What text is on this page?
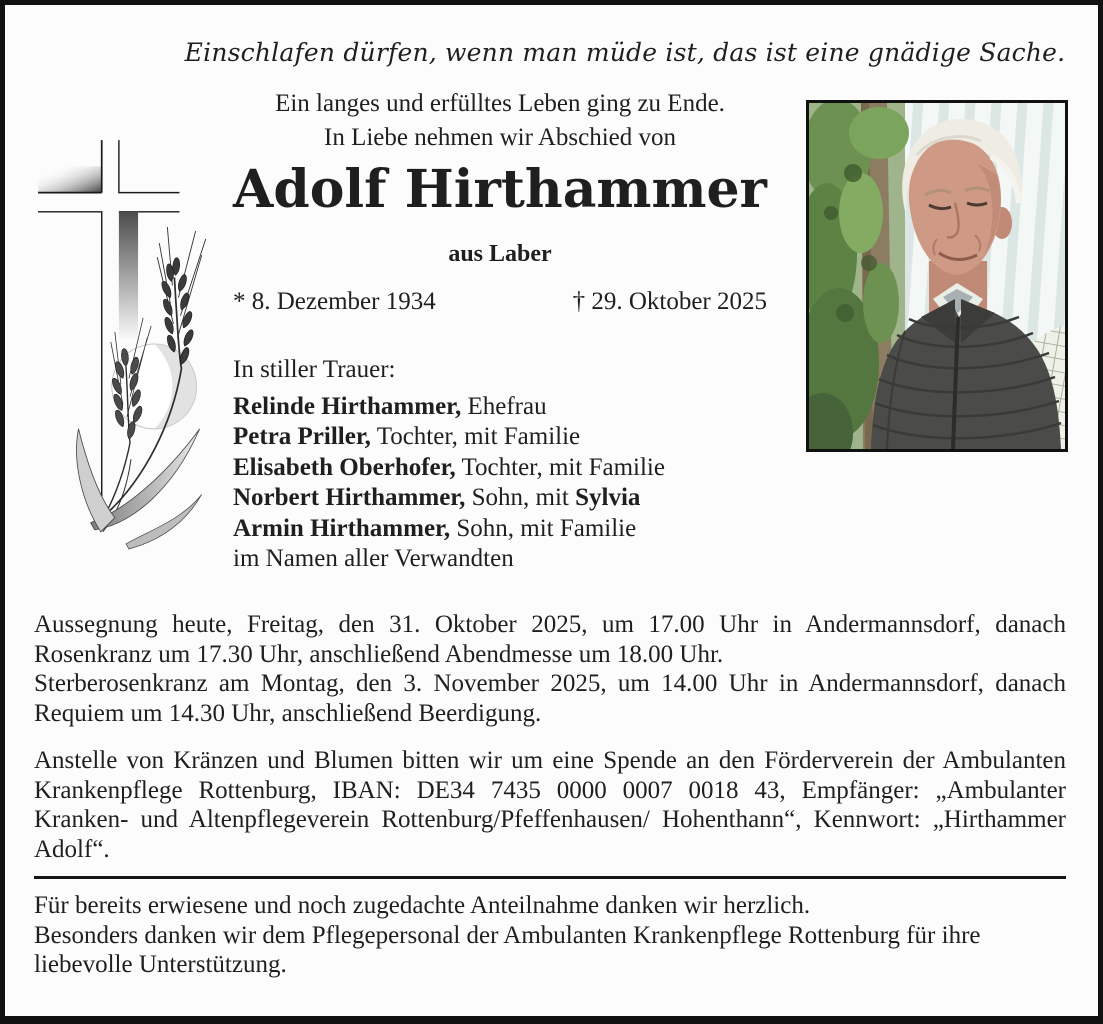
Einschlafen dürfen, wenn man müde ist, das ist eine gnädige Sache.
Ein langes und erfülltes Leben ging zu Ende.
In Liebe nehmen wir Abschied von
Adolf Hirthammer
aus Laber
* 8. Dezember 1934	† 29. Oktober 2025
In stiller Trauer:
Relinde Hirthammer, Ehefrau
Petra Priller, Tochter, mit Familie
Elisabeth Oberhofer, Tochter, mit Familie
Norbert Hirthammer, Sohn, mit Sylvia
Armin Hirthammer, Sohn, mit Familie
im Namen aller Verwandten

Aussegnung heute, Freitag, den 31. Oktober 2025, um 17.00 Uhr in Andermannsdorf, danach Rosenkranz um 17.30 Uhr, anschließend Abendmesse um 18.00 Uhr.

Sterberosenkranz am Montag, den 3. November 2025, um 14.00 Uhr in Andermannsdorf, danach Requiem um 14.30 Uhr, anschließend Beerdigung.

Anstelle von Kränzen und Blumen bitten wir um eine Spende an den Förderverein der Ambulanten Krankenpflege Rottenburg, IBAN: DE34 7435 0000 0007 0018 43, Empfänger: „Ambulanter Kranken- und Altenpflegeverein Rottenburg/Pfeffenhausen/ Hohenthann“, Kennwort: „Hirthammer Adolf“.

Für bereits erwiesene und noch zugedachte Anteilnahme danken wir herzlich.

Besonders danken wir dem Pflegepersonal der Ambulanten Krankenpflege Rottenburg für ihre liebevolle Unterstützung.
